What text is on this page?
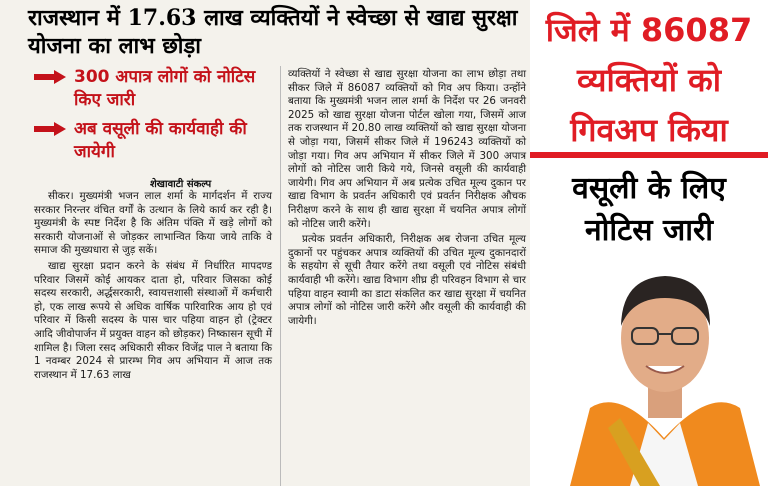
राजस्थान में 17.63 लाख व्यक्तियों ने स्वेच्छा से खाद्य सुरक्षा योजना का लाभ छोड़ा
300 अपात्र लोगों को नोटिस किए जारी
अब वसूली की कार्यवाही की जायेगी
शेखावाटी संकल्प

सीकर। मुख्यमंत्री भजन लाल शर्मा के मार्गदर्शन में राज्य सरकार निरन्तर वंचित वर्गों के उत्थान के लिये कार्य कर रही है। मुख्यमंत्री के स्पष्ट निर्देश है कि अंतिम पंक्ति में खड़े लोगों को सरकारी योजनाओं से जोड़कर लाभान्वित किया जाये ताकि वे समाज की मुख्यधारा से जुड़ सकें।

खाद्य सुरक्षा प्रदान करने के संबंध में निर्धारित मापदण्ड परिवार जिसमें कोई आयकर दाता हो, परिवार जिसका कोई सदस्य सरकारी, अर्द्धसरकारी, स्वायत्तशासी संस्थाओं में कर्मचारी हो, एक लाख रूपये से अधिक वार्षिक पारिवारिक आय हो एवं परिवार में किसी सदस्य के पास चार पहिया वाहन हो (ट्रेक्टर आदि जीवोपार्जन में प्रयुक्त वाहन को छोड़कर) निष्कासन सूची में शामिल है। जिला रसद अधिकारी सीकर विजेंद्र पाल ने बताया कि 1 नवम्बर 2024 से प्रारम्भ गिव अप अभियान में आज तक राजस्थान में 17.63 लाख

व्यक्तियों ने स्वेच्छा से खाद्य सुरक्षा योजना का लाभ छोड़ा तथा सीकर जिले में 86087 व्यक्तियों को गिव अप किया। उन्होंने बताया कि मुख्यमंत्री भजन लाल शर्मा के निर्देश पर 26 जनवरी 2025 को खाद्य सुरक्षा योजना पोर्टल खोला गया, जिसमें आज तक राजस्थान में 20.80 लाख व्यक्तियों को खाद्य सुरक्षा योजना से जोड़ा गया, जिसमें सीकर जिले में 196243 व्यक्तियों को जोड़ा गया। गिव अप अभियान में सीकर जिले में 300 अपात्र लोगों को नोटिस जारी किये गये, जिनसे वसूली की कार्यवाही जायेगी। गिव अप अभियान में अब प्रत्येक उचित मूल्य दुकान पर खाद्य विभाग के प्रवर्तन अधिकारी एवं प्रवर्तन निरीक्षक औचक निरीक्षण करने के साथ ही खाद्य सुरक्षा में चयनित अपात्र लोगों को नोटिस जारी करेंगे।

प्रत्येक प्रवर्तन अधिकारी, निरीक्षक अब रोजना उचित मूल्य दुकानों पर पहुंचकर अपात्र व्यक्तियों की उचित मूल्य दुकानदारों के सहयोग से सूची तैयार करेंगे तथा वसूली एवं नोटिस संबंधी कार्यवाही भी करेंगे। खाद्य विभाग शीघ्र ही परिवहन विभाग से चार पहिया वाहन स्वामी का डाटा संकलित कर खाद्य सुरक्षा में चयनित अपात्र लोगों को नोटिस जारी करेंगे और वसूली की कार्यवाही की जायेगी।

जिले में 86087
व्यक्तियों को
गिवअप किया
वसूली के लिए
नोटिस जारी
